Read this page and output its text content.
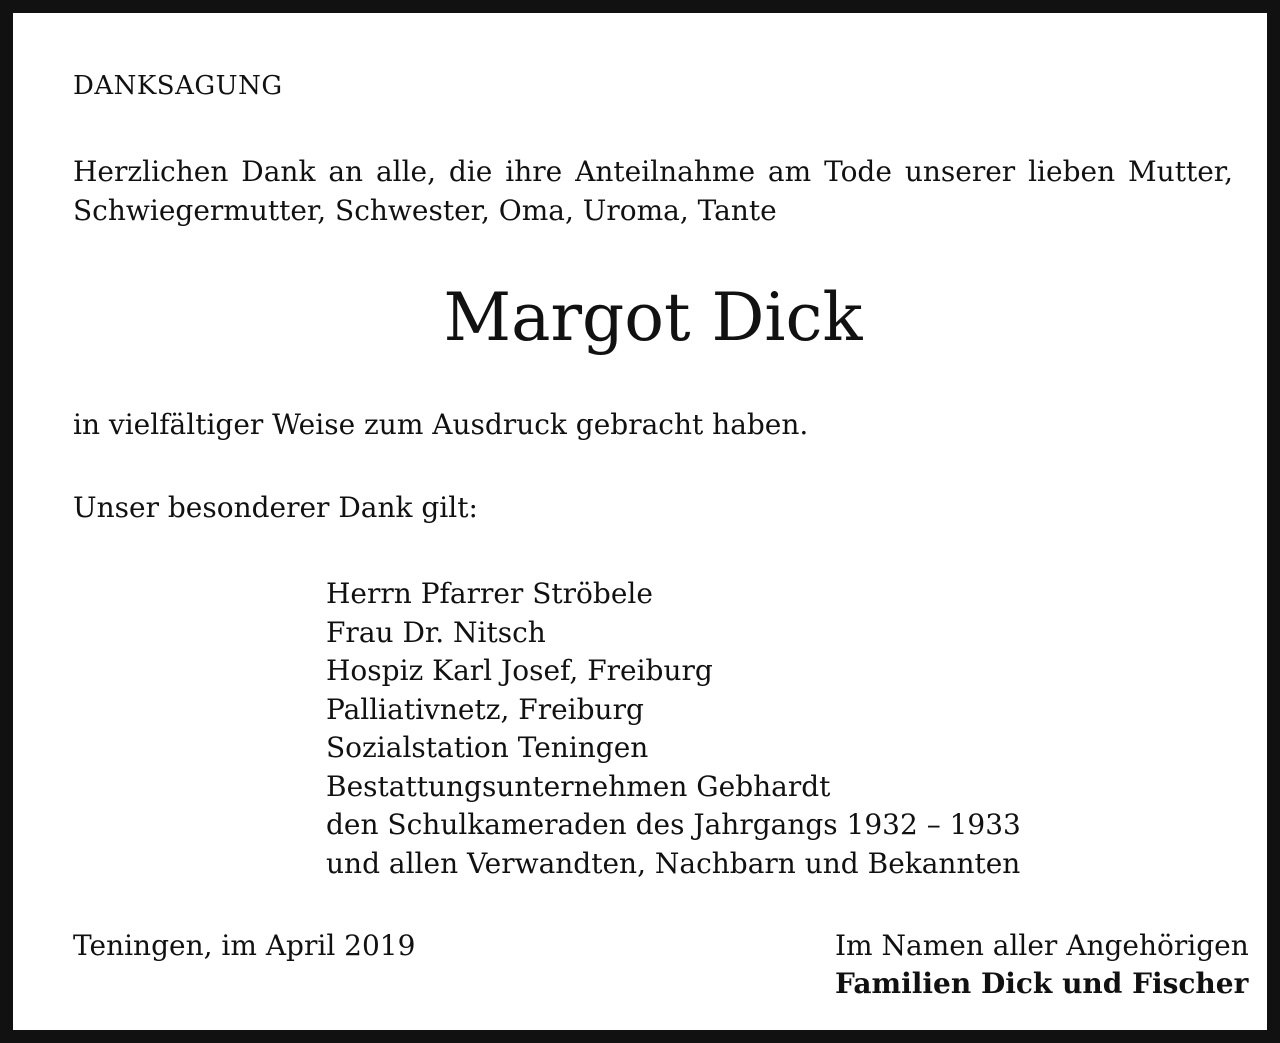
DANKSAGUNG

Herzlichen Dank an alle, die ihre Anteilnahme am Tode unserer lieben Mutter,
Schwiegermutter, Schwester, Oma, Uroma, Tante

Margot Dick

in vielfältiger Weise zum Ausdruck gebracht haben.

Unser besonderer Dank gilt:

Herrn Pfarrer Ströbele
Frau Dr. Nitsch
Hospiz Karl Josef, Freiburg
Palliativnetz, Freiburg
Sozialstation Teningen
Bestattungsunternehmen Gebhardt
den Schulkameraden des Jahrgangs 1932 – 1933
und allen Verwandten, Nachbarn und Bekannten

Teningen, im April 2019	Im Namen aller Angehörigen

Familien Dick und Fischer
